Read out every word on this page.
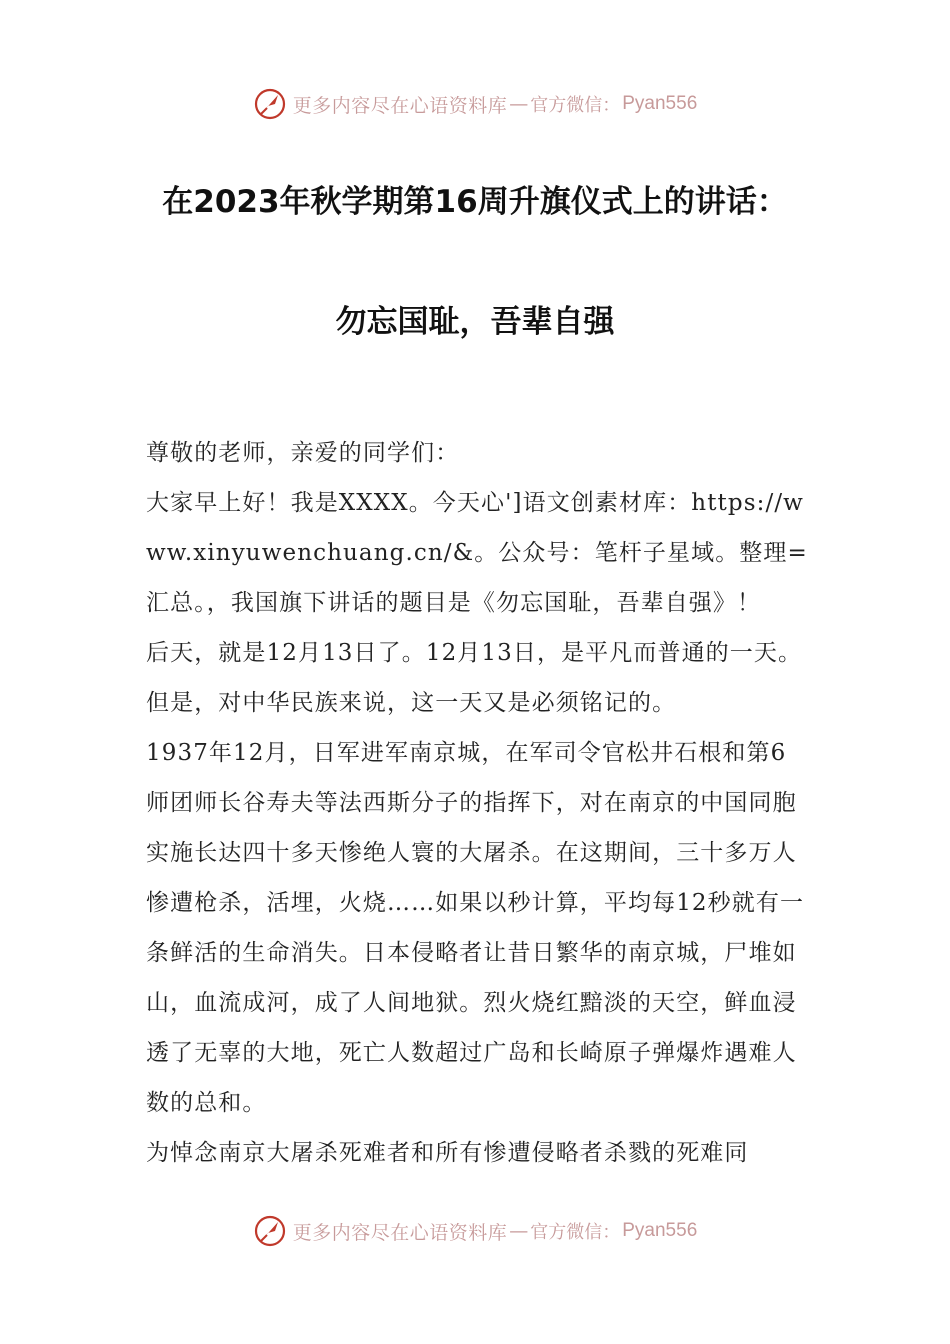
更多内容尽在心语资料库 — 官方微信： Pyan556
在2023年秋学期第16周升旗仪式上的讲话：
勿忘国耻，吾辈自强

尊敬的老师，亲爱的同学们：

大家早上好！我是XXXX。今天心']语文创素材库：https://www.xinyuwenchuang.cn/&。公众号：笔杆子星域。整理=汇总。，我国旗下讲话的题目是《勿忘国耻，吾辈自强》！

后天，就是12月13日了。12月13日，是平凡而普通的一天。但是，对中华民族来说，这一天又是必须铭记的。

1937年12月，日军进军南京城，在军司令官松井石根和第6师团师长谷寿夫等法西斯分子的指挥下，对在南京的中国同胞实施长达四十多天惨绝人寰的大屠杀。在这期间，三十多万人惨遭枪杀，活埋，火烧……如果以秒计算，平均每12秒就有一条鲜活的生命消失。日本侵略者让昔日繁华的南京城，尸堆如山，血流成河，成了人间地狱。烈火烧红黯淡的天空，鲜血浸透了无辜的大地，死亡人数超过广岛和长崎原子弹爆炸遇难人数的总和。

为悼念南京大屠杀死难者和所有惨遭侵略者杀戮的死难同

更多内容尽在心语资料库 — 官方微信： Pyan556
